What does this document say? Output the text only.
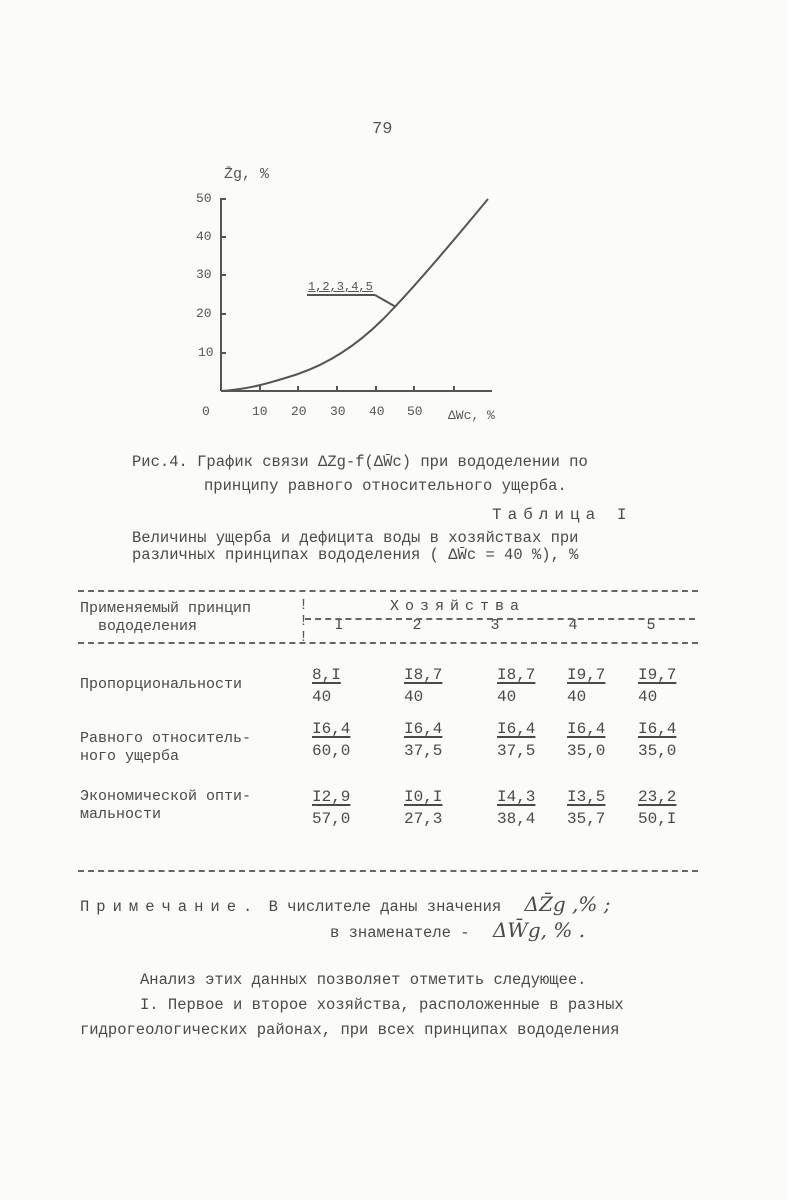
79
Z̄g, %
1,2,3,4,5
50
40
30
20
10
0	10 20 30 40 50 ΔWc, %
Рис.4. График связи ΔZg-f(ΔW̄c) при вододелении по
принципу равного относительного ущерба.
Таблица I
Величины ущерба и дефицита воды в хозяйствах при
различных принципах вододеления ( ΔW̄c = 40 %), %
Применяемый принцип
вододеления
!
!
!
Хозяйства
I	2	3	4	5
Пропорциональности	$\frac{8,I}{40}$	$\frac{I8,7}{40}$	$\frac{I8,7}{40} \frac{I9,7}{40} \frac{I9,7}{40}$
Равного относитель-
ного ущерба	$\frac{I6,4}{60,0}$	$\frac{I6,4}{37,5}$	$\frac{I6,4}{37,5} \frac{I6,4}{35,0} \frac{I6,4}{35,0}$
Экономической опти-
мальности	$\frac{I2,9}{57,0}$	$\frac{I0,I}{27,3}$	$\frac{I4,3}{38,4} \frac{I3,5}{35,7} \frac{23,2}{50,I}$
Примечание. В числителе даны значения ΔZ̄g ,% ;
в знаменателе - ΔW̄g, % .
Анализ этих данных позволяет отметить следующее.
I. Первое и второе хозяйства, расположенные в разных
гидрогеологических районах, при всех принципах вододеления
